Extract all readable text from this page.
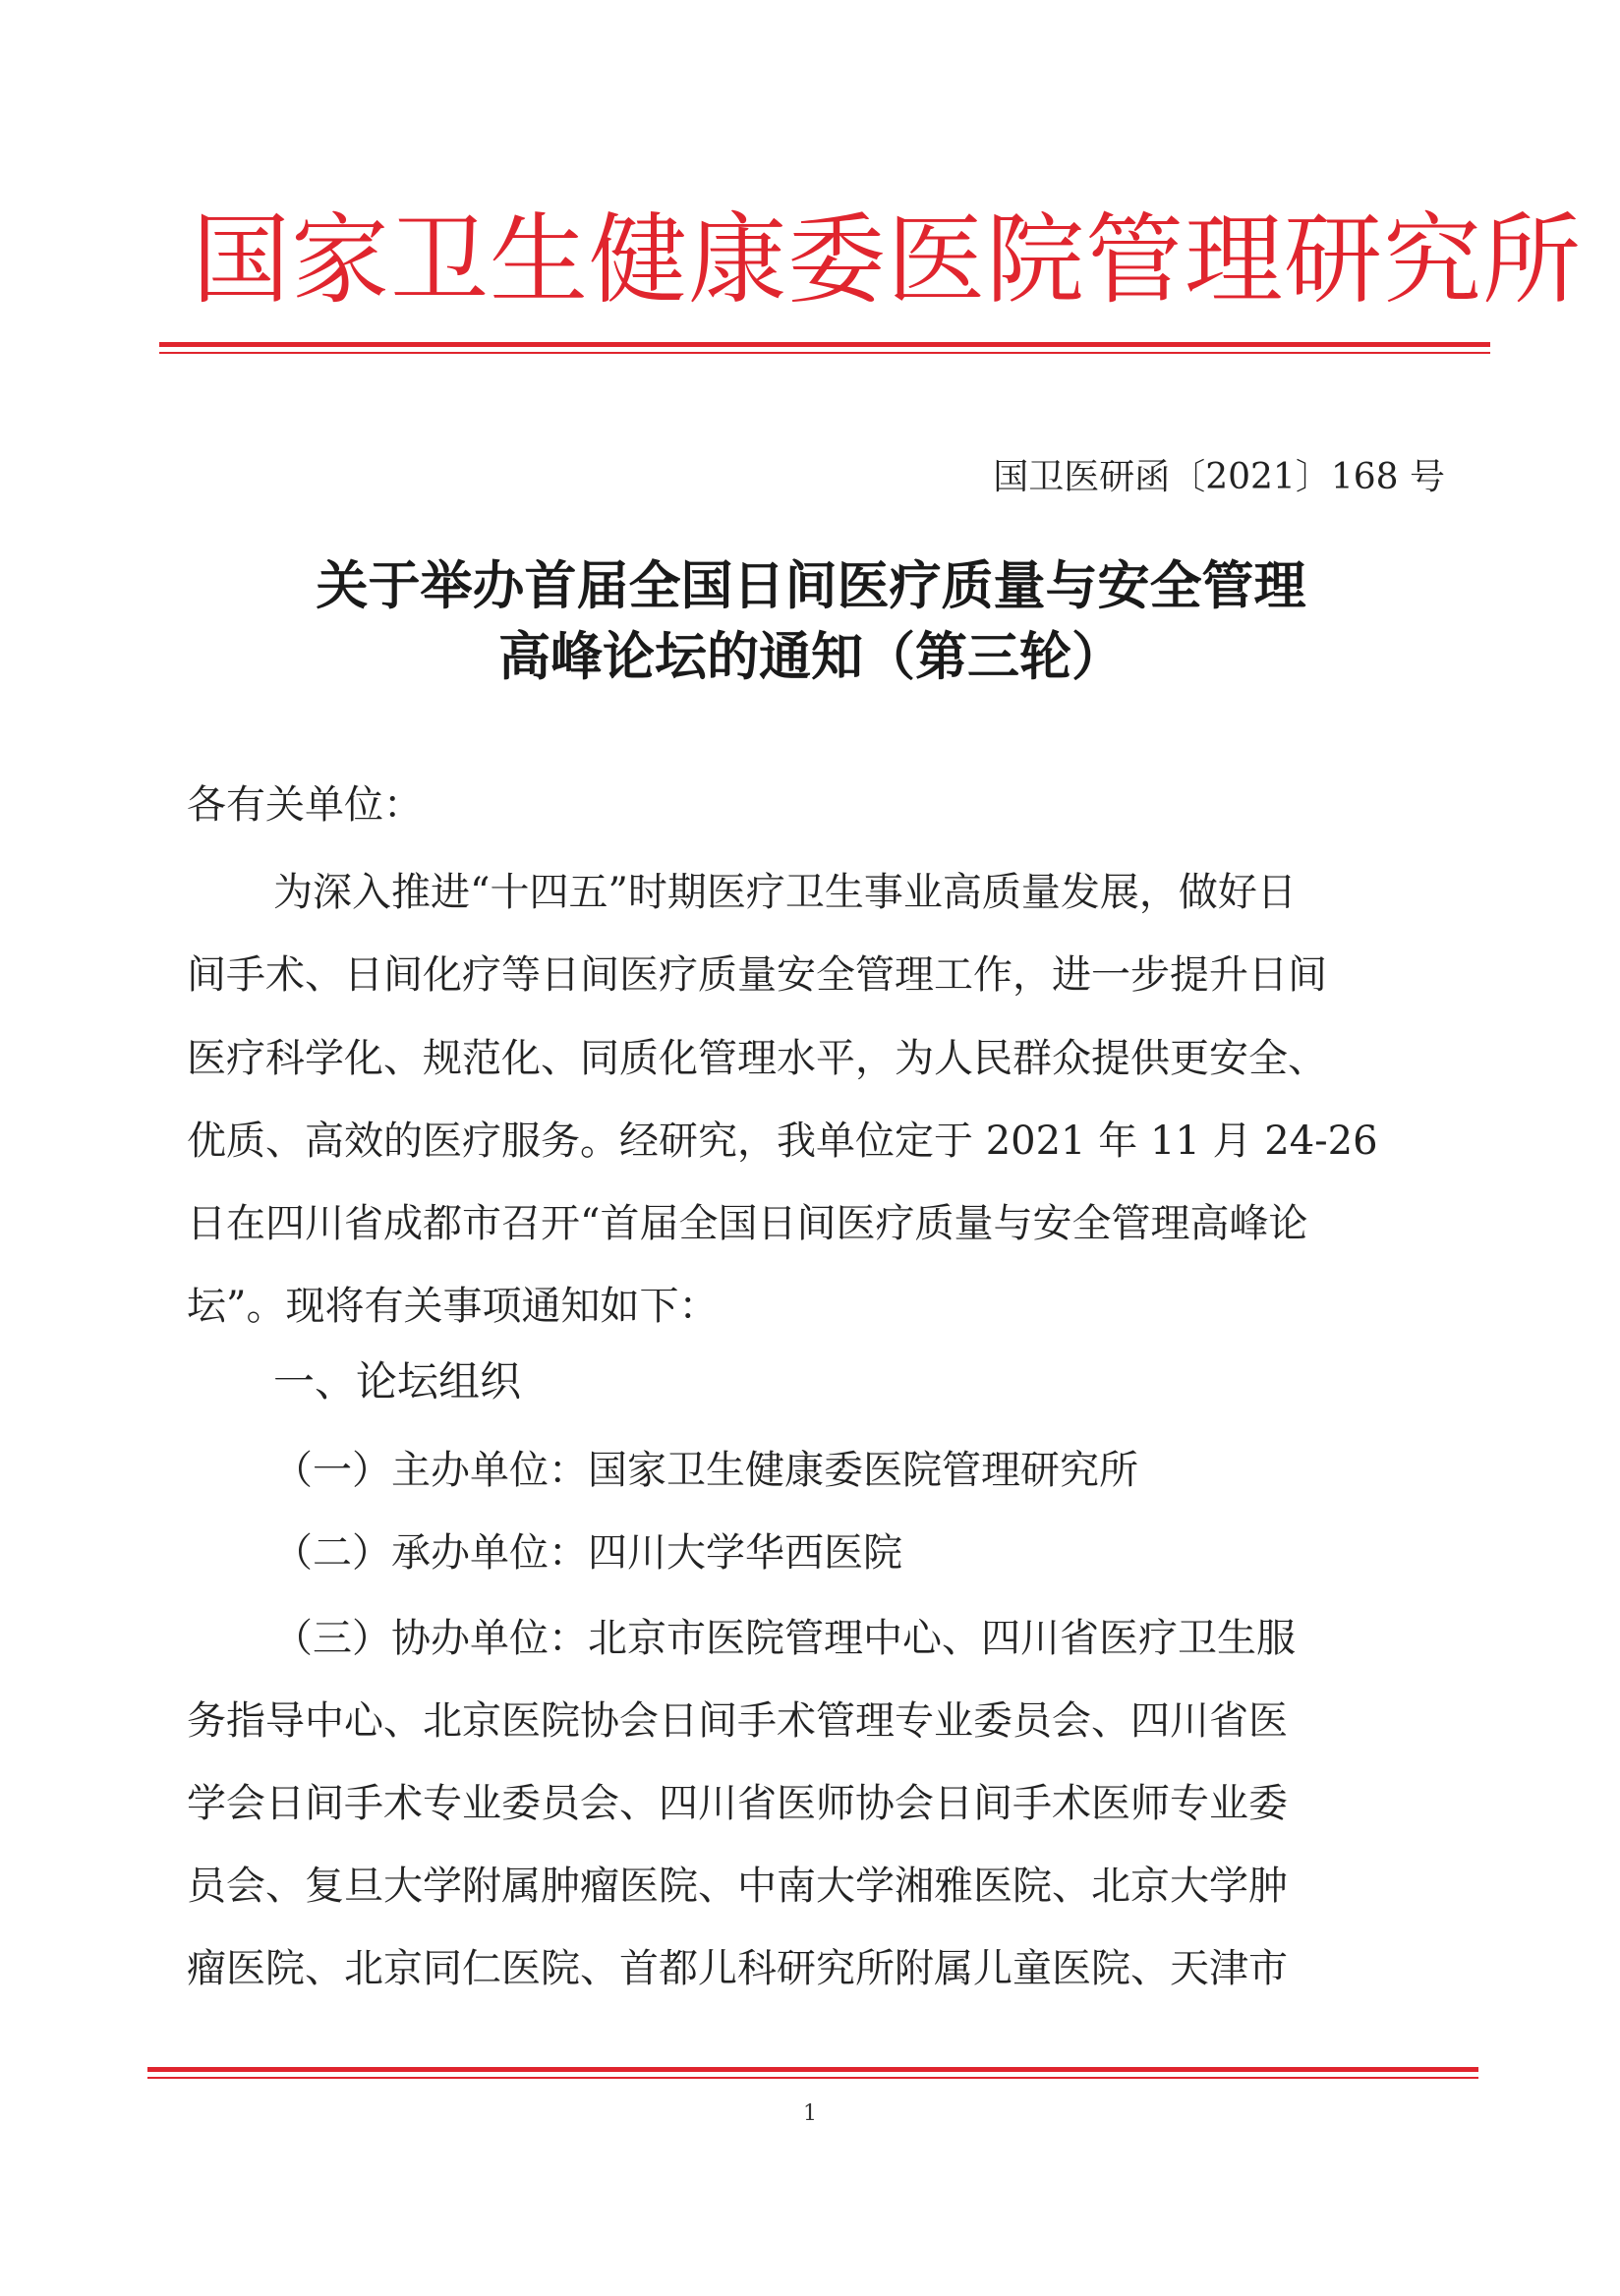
国家卫生健康委医院管理研究所
国卫医研函〔2021〕168 号
关于举办首届全国日间医疗质量与安全管理
高峰论坛的通知（第三轮）
各有关单位：
为深入推进“十四五”时期医疗卫生事业高质量发展，做好日
间手术、日间化疗等日间医疗质量安全管理工作，进一步提升日间
医疗科学化、规范化、同质化管理水平，为人民群众提供更安全、
优质、高效的医疗服务。经研究，我单位定于 2021 年 11 月 24-26
日在四川省成都市召开“首届全国日间医疗质量与安全管理高峰论
坛”。现将有关事项通知如下：
一、论坛组织
（一）主办单位：国家卫生健康委医院管理研究所
（二）承办单位：四川大学华西医院
（三）协办单位：北京市医院管理中心、四川省医疗卫生服
务指导中心、北京医院协会日间手术管理专业委员会、四川省医
学会日间手术专业委员会、四川省医师协会日间手术医师专业委
员会、复旦大学附属肿瘤医院、中南大学湘雅医院、北京大学肿
瘤医院、北京同仁医院、首都儿科研究所附属儿童医院、天津市
1
